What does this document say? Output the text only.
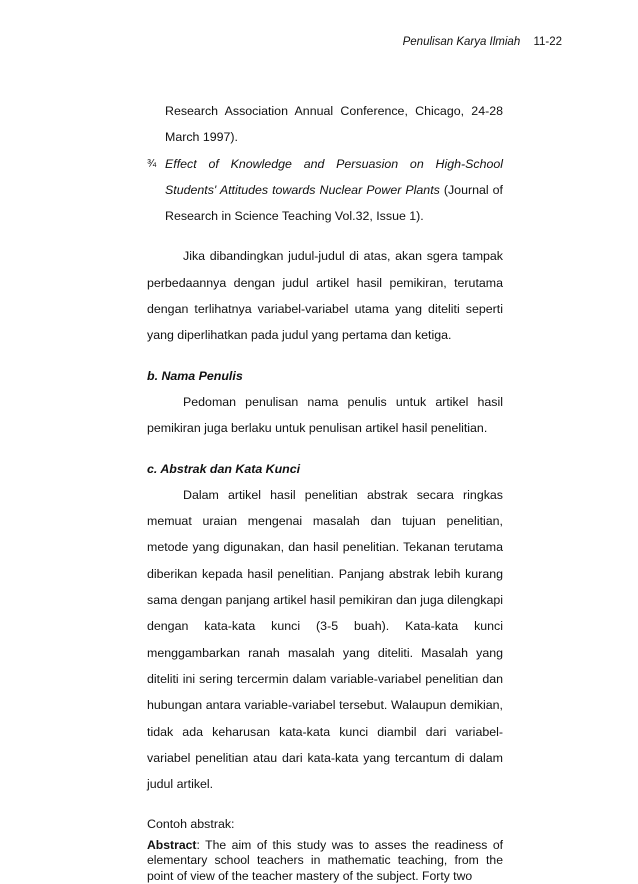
Penulisan Karya Ilmiah 11-22

Research Association Annual Conference, Chicago, 24-28 March 1997).

¾ Effect of Knowledge and Persuasion on High-School Students' Attitudes towards Nuclear Power Plants (Journal of Research in Science Teaching Vol.32, Issue 1).

Jika dibandingkan judul-judul di atas, akan sgera tampak perbedaannya dengan judul artikel hasil pemikiran, terutama dengan terlihatnya variabel-variabel utama yang diteliti seperti yang diperlihatkan pada judul yang pertama dan ketiga.

b. Nama Penulis

Pedoman penulisan nama penulis untuk artikel hasil pemikiran juga berlaku untuk penulisan artikel hasil penelitian.

c. Abstrak dan Kata Kunci

Dalam artikel hasil penelitian abstrak secara ringkas memuat uraian mengenai masalah dan tujuan penelitian, metode yang digunakan, dan hasil penelitian. Tekanan terutama diberikan kepada hasil penelitian. Panjang abstrak lebih kurang sama dengan panjang artikel hasil pemikiran dan juga dilengkapi dengan kata-kata kunci (3-5 buah). Kata-kata kunci menggambarkan ranah masalah yang diteliti. Masalah yang diteliti ini sering tercermin dalam variable-variabel penelitian dan hubungan antara variable-variabel tersebut. Walaupun demikian, tidak ada keharusan kata-kata kunci diambil dari variabel-variabel penelitian atau dari kata-kata yang tercantum di dalam judul artikel.

Contoh abstrak:

Abstract: The aim of this study was to asses the readiness of elementary school teachers in mathematic teaching, from the point of view of the teacher mastery of the subject. Forty two
